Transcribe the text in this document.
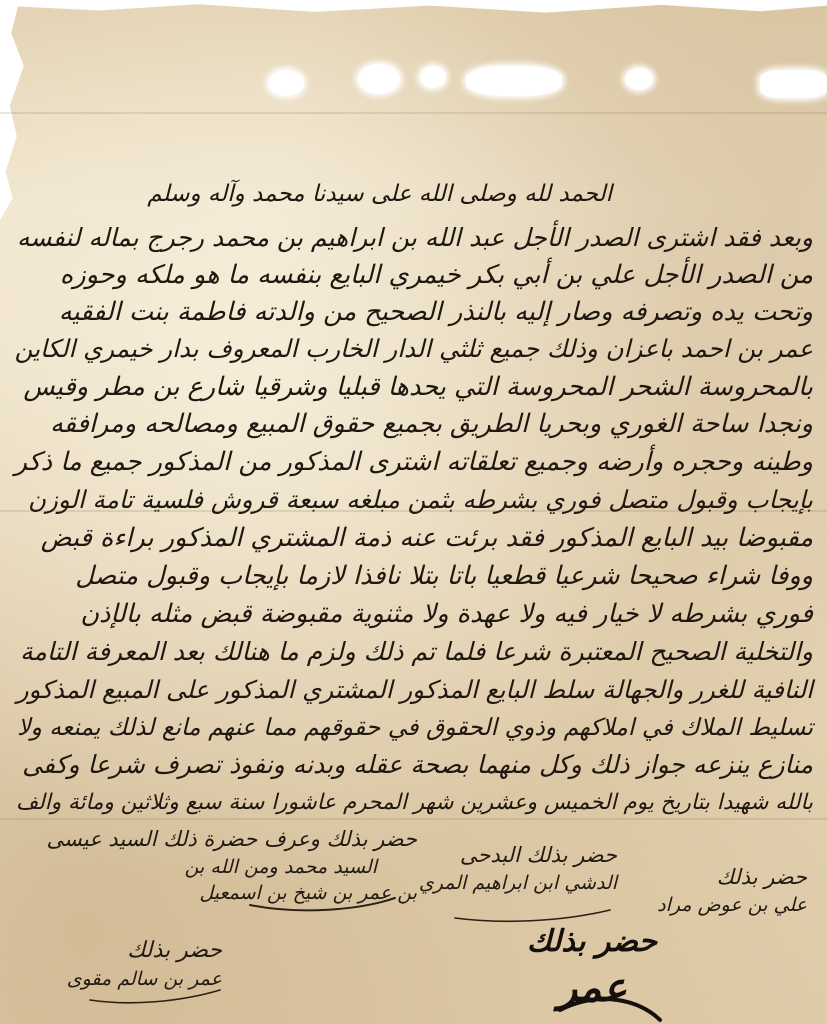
الحمد لله وصلى الله على سيدنا محمد وآله وسلم
وبعد فقد اشترى الصدر الأجل عبد الله بن ابراهيم بن محمد رجرج بماله لنفسه
من الصدر الأجل علي بن أبي بكر خيمري البايع بنفسه ما هو ملكه وحوزه
وتحت يده وتصرفه وصار إليه بالنذر الصحيح من والدته فاطمة بنت الفقيه
عمر بن احمد باعزان وذلك جميع ثلثي الدار الخارب المعروف بدار خيمري الكاين
بالمحروسة الشحر المحروسة التي يحدها قبليا وشرقيا شارع بن مطر وقيس
ونجدا ساحة الغوري وبحريا الطريق بجميع حقوق المبيع ومصالحه ومرافقه
وطينه وحجره وأرضه وجميع تعلقاته اشترى المذكور من المذكور جميع ما ذكر
بإيجاب وقبول متصل فوري بشرطه بثمن مبلغه سبعة قروش فلسية تامة الوزن
مقبوضا بيد البايع المذكور فقد برئت عنه ذمة المشتري المذكور براءة قبض
ووفا شراء صحيحا شرعيا قطعيا باتا بتلا نافذا لازما بإيجاب وقبول متصل
فوري بشرطه لا خيار فيه ولا عهدة ولا مثنوية مقبوضة قبض مثله بالإذن
والتخلية الصحيح المعتبرة شرعا فلما تم ذلك ولزم ما هنالك بعد المعرفة التامة
النافية للغرر والجهالة سلط البايع المذكور المشتري المذكور على المبيع المذكور
تسليط الملاك في املاكهم وذوي الحقوق في حقوقهم مما عنهم مانع لذلك يمنعه ولا
منازع ينزعه جواز ذلك وكل منهما بصحة عقله وبدنه ونفوذ تصرف شرعا وكفى
بالله شهيدا بتاريخ يوم الخميس وعشرين شهر المحرم عاشورا سنة سبع وثلاثين ومائة والف
حضر بذلك وعرف حضرة ذلك السيد عيسى
السيد محمد ومن الله بن
بن عمر بن شيخ بن اسمعيل
حضر بذلك البدحى
الدشي ابن ابراهيم المري	حضر بذلك
علي بن عوض مراد
حضر بذلك
عمر بن سالم مقوى
حضر بذلك
عمر
